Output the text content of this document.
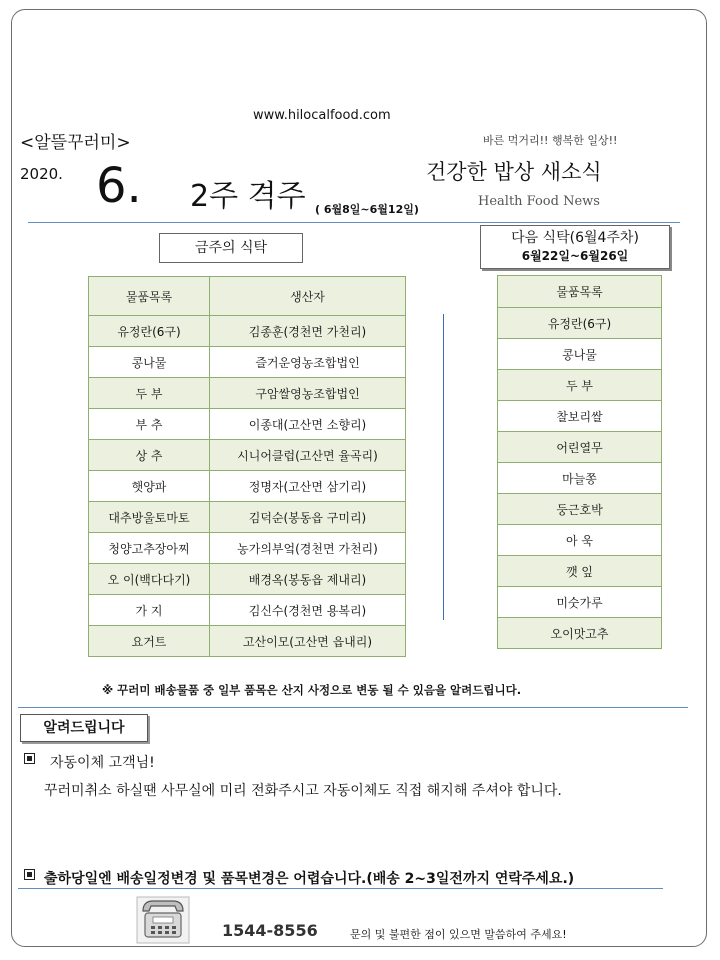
www.hilocalfood.com
<알뜰꾸러미>	바른 먹거리!! 행복한 일상!!
2020. 6. 2주 격주 ( 6월8일~6월12일)
건강한 밥상 새소식
Health Food News
금주의 식탁
다음 식탁(6월4주차)
6월22일~6월26일
물품목록	생산자
유정란(6구)	김종훈(경천면 가천리)
콩나물	즐거운영농조합법인
두 부	구암쌀영농조합법인
부 추	이종대(고산면 소향리)
상 추	시니어클럽(고산면 율곡리)
햇양파	정명자(고산면 삼기리)
대추방울토마토	김덕순(봉동읍 구미리)
청양고추장아찌	농가의부엌(경천면 가천리)
오 이(백다다기)	배경옥(봉동읍 제내리)
가 지	김신수(경천면 용복리)
요거트	고산이모(고산면 읍내리)
물품목록
유정란(6구)
콩나물
두 부
찰보리쌀
어린열무
마늘쫑
둥근호박
아 욱
깻 잎
미숫가루
오이맛고추
※ 꾸러미 배송물품 중 일부 품목은 산지 사정으로 변동 될 수 있음을 알려드립니다.
알려드립니다
자동이체 고객님!
꾸러미취소 하실땐 사무실에 미리 전화주시고 자동이체도 직접 해지해 주셔야 합니다.
출하당일엔 배송일정변경 및 품목변경은 어렵습니다.(배송 2~3일전까지 연락주세요.)
1544-8556	문의 및 불편한 점이 있으면 말씀하여 주세요!
